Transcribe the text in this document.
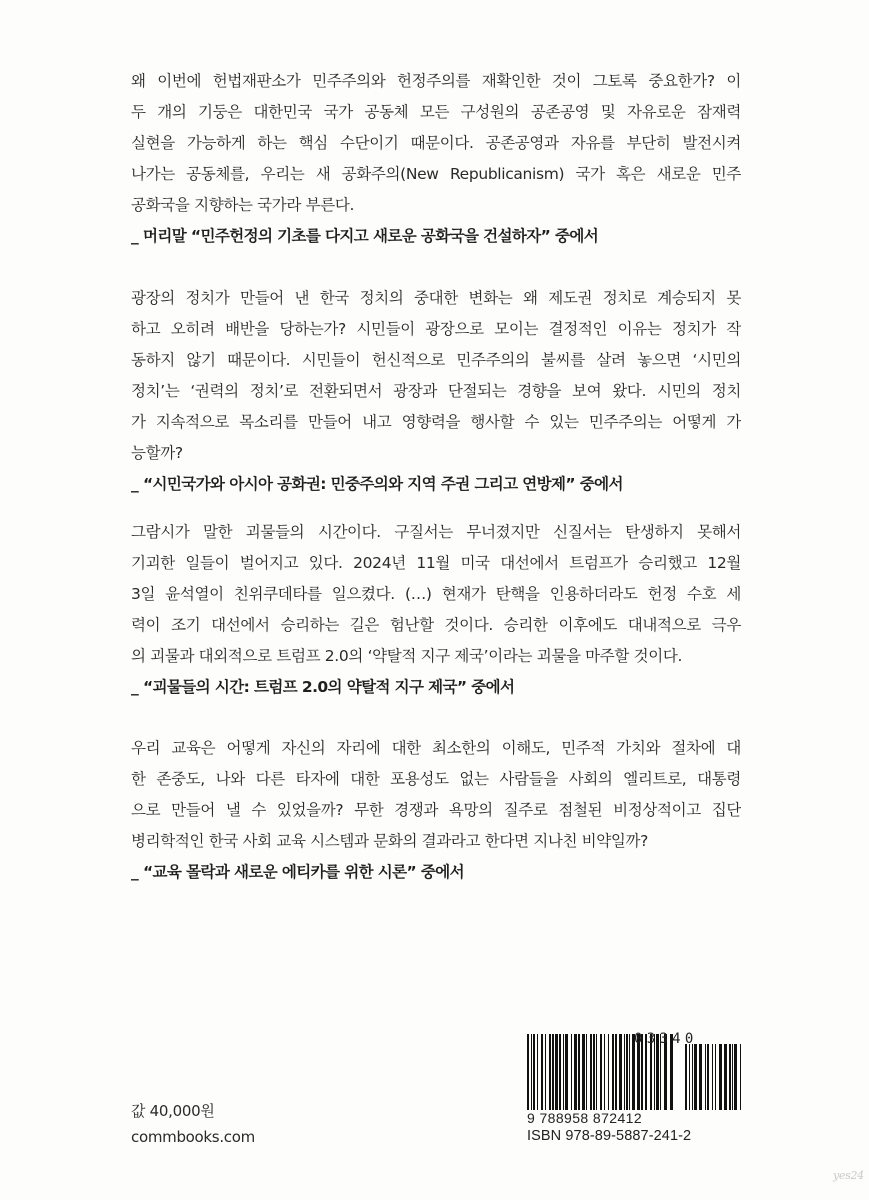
왜 이번에 헌법재판소가 민주주의와 헌정주의를 재확인한 것이 그토록 중요한가? 이
두 개의 기둥은 대한민국 국가 공동체 모든 구성원의 공존공영 및 자유로운 잠재력
실현을 가능하게 하는 핵심 수단이기 때문이다. 공존공영과 자유를 부단히 발전시켜
나가는 공동체를, 우리는 새 공화주의(New Republicanism) 국가 혹은 새로운 민주
공화국을 지향하는 국가라 부른다.
_ 머리말 “민주헌정의 기초를 다지고 새로운 공화국을 건설하자” 중에서
광장의 정치가 만들어 낸 한국 정치의 중대한 변화는 왜 제도권 정치로 계승되지 못
하고 오히려 배반을 당하는가? 시민들이 광장으로 모이는 결정적인 이유는 정치가 작
동하지 않기 때문이다. 시민들이 헌신적으로 민주주의의 불씨를 살려 놓으면 ‘시민의
정치’는 ‘권력의 정치’로 전환되면서 광장과 단절되는 경향을 보여 왔다. 시민의 정치
가 지속적으로 목소리를 만들어 내고 영향력을 행사할 수 있는 민주주의는 어떻게 가
능할까?
_ “시민국가와 아시아 공화권: 민중주의와 지역 주권 그리고 연방제” 중에서
그람시가 말한 괴물들의 시간이다. 구질서는 무너졌지만 신질서는 탄생하지 못해서
기괴한 일들이 벌어지고 있다. 2024년 11월 미국 대선에서 트럼프가 승리했고 12월
3일 윤석열이 친위쿠데타를 일으켰다. (…) 현재가 탄핵을 인용하더라도 헌정 수호 세
력이 조기 대선에서 승리하는 길은 험난할 것이다. 승리한 이후에도 대내적으로 극우
의 괴물과 대외적으로 트럼프 2.0의 ‘약탈적 지구 제국’이라는 괴물을 마주할 것이다.
_ “괴물들의 시간: 트럼프 2.0의 약탈적 지구 제국” 중에서
우리 교육은 어떻게 자신의 자리에 대한 최소한의 이해도, 민주적 가치와 절차에 대
한 존중도, 나와 다른 타자에 대한 포용성도 없는 사람들을 사회의 엘리트로, 대통령
으로 만들어 낼 수 있었을까? 무한 경쟁과 욕망의 질주로 점철된 비정상적이고 집단
병리학적인 한국 사회 교육 시스템과 문화의 결과라고 한다면 지나친 비약일까?
_ “교육 몰락과 새로운 에티카를 위한 시론” 중에서
값 40,000원
commbooks.com
03340
9 788958 872412
ISBN 978-89-5887-241-2
yes24
